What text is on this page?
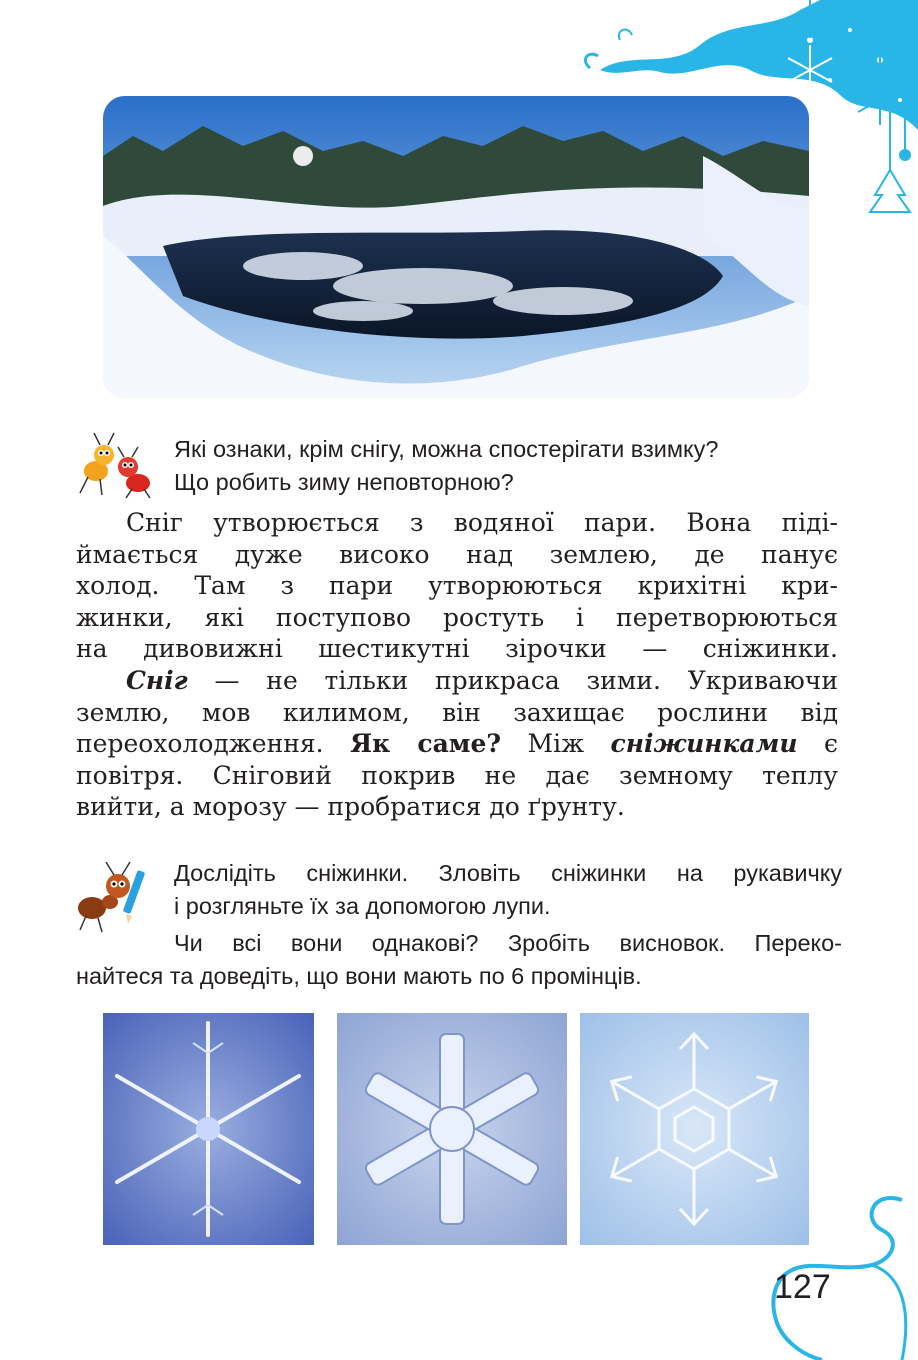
Які ознаки, крім снігу, можна спостерігати взимку?

Що робить зиму неповторною?

Сніг утворюється з водяної пари. Вона піді-

ймається дуже високо над землею, де панує

холод. Там з пари утворюються крихітні кри-

жинки, які поступово ростуть і перетворюються

на дивовижні шестикутні зірочки — сніжинки.

Сніг — не тільки прикраса зими. Укриваючи

землю, мов килимом, він захищає рослини від

переохолодження. Як саме? Між сніжинками є

повітря. Сніговий покрив не дає земному теплу

вийти, а морозу — пробратися до ґрунту.

Дослідіть сніжинки. Зловіть сніжинки на рукавичку

і розгляньте їх за допомогою лупи.

Чи всі вони однакові? Зробіть висновок. Переко-

найтеся та доведіть, що вони мають по 6 промінців.

127
